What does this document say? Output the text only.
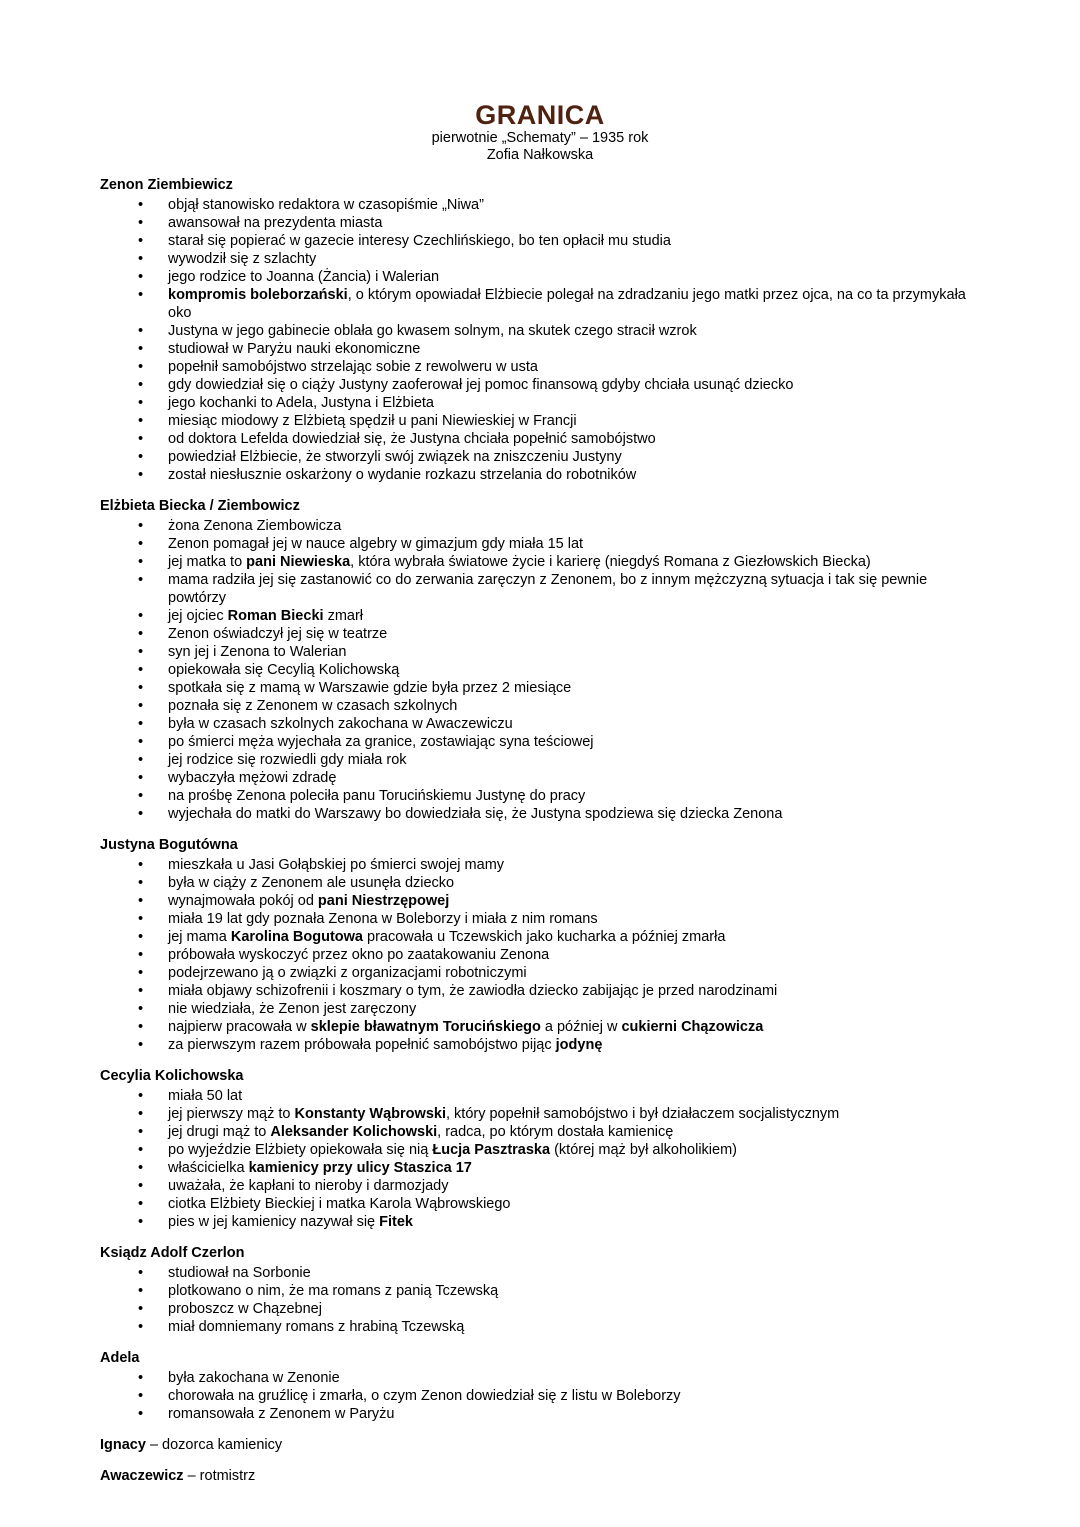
GRANICA
pierwotnie „Schematy” – 1935 rok
Zofia Nałkowska
Zenon Ziembiewicz
• objął stanowisko redaktora w czasopiśmie „Niwa”
• awansował na prezydenta miasta
• starał się popierać w gazecie interesy Czechlińskiego, bo ten opłacił mu studia
• wywodził się z szlachty
• jego rodzice to Joanna (Żancia) i Walerian
• kompromis boleborzański, o którym opowiadał Elżbiecie polegał na zdradzaniu jego matki przez ojca, na co ta przymykała oko
• Justyna w jego gabinecie oblała go kwasem solnym, na skutek czego stracił wzrok
• studiował w Paryżu nauki ekonomiczne
• popełnił samobójstwo strzelając sobie z rewolweru w usta
• gdy dowiedział się o ciąży Justyny zaoferował jej pomoc finansową gdyby chciała usunąć dziecko
• jego kochanki to Adela, Justyna i Elżbieta
• miesiąc miodowy z Elżbietą spędził u pani Niewieskiej w Francji
• od doktora Lefelda dowiedział się, że Justyna chciała popełnić samobójstwo
• powiedział Elżbiecie, że stworzyli swój związek na zniszczeniu Justyny
• został niesłusznie oskarżony o wydanie rozkazu strzelania do robotników
Elżbieta Biecka / Ziembowicz
• żona Zenona Ziembowicza
• Zenon pomagał jej w nauce algebry w gimazjum gdy miała 15 lat
• jej matka to pani Niewieska, która wybrała światowe życie i karierę (niegdyś Romana z Giezłowskich Biecka)
• mama radziła jej się zastanowić co do zerwania zaręczyn z Zenonem, bo z innym mężczyzną sytuacja i tak się pewnie powtórzy
• jej ojciec Roman Biecki zmarł
• Zenon oświadczył jej się w teatrze
• syn jej i Zenona to Walerian
• opiekowała się Cecylią Kolichowską
• spotkała się z mamą w Warszawie gdzie była przez 2 miesiące
• poznała się z Zenonem w czasach szkolnych
• była w czasach szkolnych zakochana w Awaczewiczu
• po śmierci męża wyjechała za granice, zostawiając syna teściowej
• jej rodzice się rozwiedli gdy miała rok
• wybaczyła mężowi zdradę
• na prośbę Zenona poleciła panu Torucińskiemu Justynę do pracy
• wyjechała do matki do Warszawy bo dowiedziała się, że Justyna spodziewa się dziecka Zenona
Justyna Bogutówna
• mieszkała u Jasi Gołąbskiej po śmierci swojej mamy
• była w ciąży z Zenonem ale usunęła dziecko
• wynajmowała pokój od pani Niestrzępowej
• miała 19 lat gdy poznała Zenona w Boleborzy i miała z nim romans
• jej mama Karolina Bogutowa pracowała u Tczewskich jako kucharka a później zmarła
• próbowała wyskoczyć przez okno po zaatakowaniu Zenona
• podejrzewano ją o związki z organizacjami robotniczymi
• miała objawy schizofrenii i koszmary o tym, że zawiodła dziecko zabijając je przed narodzinami
• nie wiedziała, że Zenon jest zaręczony
• najpierw pracowała w sklepie bławatnym Torucińskiego a później w cukierni Chązowicza
• za pierwszym razem próbowała popełnić samobójstwo pijąc jodynę
Cecylia Kolichowska
• miała 50 lat
• jej pierwszy mąż to Konstanty Wąbrowski, który popełnił samobójstwo i był działaczem socjalistycznym
• jej drugi mąż to Aleksander Kolichowski, radca, po którym dostała kamienicę
• po wyjeździe Elżbiety opiekowała się nią Łucja Pasztraska (której mąż był alkoholikiem)
• właścicielka kamienicy przy ulicy Staszica 17
• uważała, że kapłani to nieroby i darmozjady
• ciotka Elżbiety Bieckiej i matka Karola Wąbrowskiego
• pies w jej kamienicy nazywał się Fitek
Ksiądz Adolf Czerlon
• studiował na Sorbonie
• plotkowano o nim, że ma romans z panią Tczewską
• proboszcz w Chązebnej
• miał domniemany romans z hrabiną Tczewską
Adela
• była zakochana w Zenonie
• chorowała na gruźlicę i zmarła, o czym Zenon dowiedział się z listu w Boleborzy
• romansowała z Zenonem w Paryżu
Ignacy – dozorca kamienicy
Awaczewicz – rotmistrz
